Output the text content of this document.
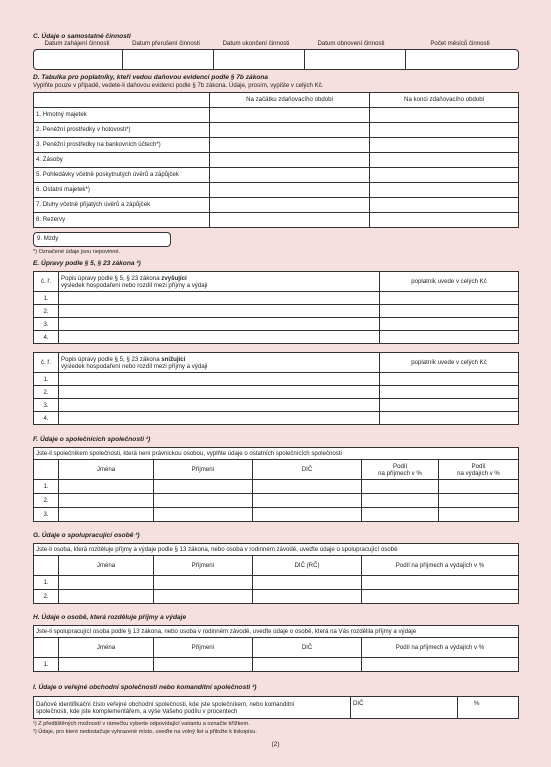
C. Údaje o samostatné činnosti
Datum zahájení činnosti	Datum přerušení činnosti	Datum ukončení činnosti	Datum obnovení činnosti	Počet měsíců činnosti
D. Tabulka pro poplatníky, kteří vedou daňovou evidenci podle § 7b zákona
Vyplňte pouze v případě, vedete-li daňovou evidenci podle § 7b zákona. Údaje, prosím, vypište v celých Kč.
	Na začátku zdaňovacího období	Na konci zdaňovacího období
1. Hmotný majetek		
2. Peněžní prostředky v hotovosti*)		
3. Peněžní prostředky na bankovních účtech*)		
4. Zásoby		
5. Pohledávky včetně poskytnutých úvěrů a zápůjček		
6. Ostatní majetek*)		
7. Dluhy včetně přijatých úvěrů a zápůjček		
8. Rezervy		
9. Mzdy
*) Označené údaje jsou nepovinné.
E. Úpravy podle § 5, § 23 zákona ²)
č. ř.	Popis úpravy podle § 5, § 23 zákona zvyšující
výsledek hospodaření nebo rozdíl mezi příjmy a výdaji	poplatník uvede v celých Kč
1.		
2.		
3.		
4.		
č. ř.	Popis úpravy podle § 5, § 23 zákona snižující
výsledek hospodaření nebo rozdíl mezi příjmy a výdaji	poplatník uvede v celých Kč
1.		
2.		
3.		
4.		
F. Údaje o společnících společnosti ²)
Jste-li společníkem společnosti, která není právnickou osobou, vyplňte údaje o ostatních společnících společnosti					
	Jména	Příjmení	DIČ	Podíl
na příjmech v %	Podíl
na výdajích v %
1.					
2.					
3.					
G. Údaje o spolupracující osobě ²)
Jste-li osoba, která rozděluje příjmy a výdaje podle § 13 zákona, nebo osoba v rodinném závodě, uveďte údaje o spolupracující osobě				
	Jména	Příjmení	DIČ (RČ)	Podíl na příjmech a výdajích v %
1.				
2.				
H. Údaje o osobě, která rozděluje příjmy a výdaje
Jste-li spolupracující osoba podle § 13 zákona, nebo osoba v rodinném závodě, uveďte údaje o osobě, která na Vás rozdělila příjmy a výdaje				
	Jména	Příjmení	DIČ	Podíl na příjmech a výdajích v %
1.				
I. Údaje o veřejné obchodní společnosti nebo komanditní společnosti ²)
Daňové identifikační číslo veřejné obchodní společnosti, kde jste společníkem, nebo komanditní
společnosti, kde jste komplementářem, a výše Vašeho podílu v procentech	DIČ	%
¹) Z předtištěných možností v rámečku vyberte odpovídající variantu a označte křížkem.
²) Údaje, pro které nedostačuje vyhrazené místo, uveďte na volný list a přiložte k tiskopisu.
(2)
